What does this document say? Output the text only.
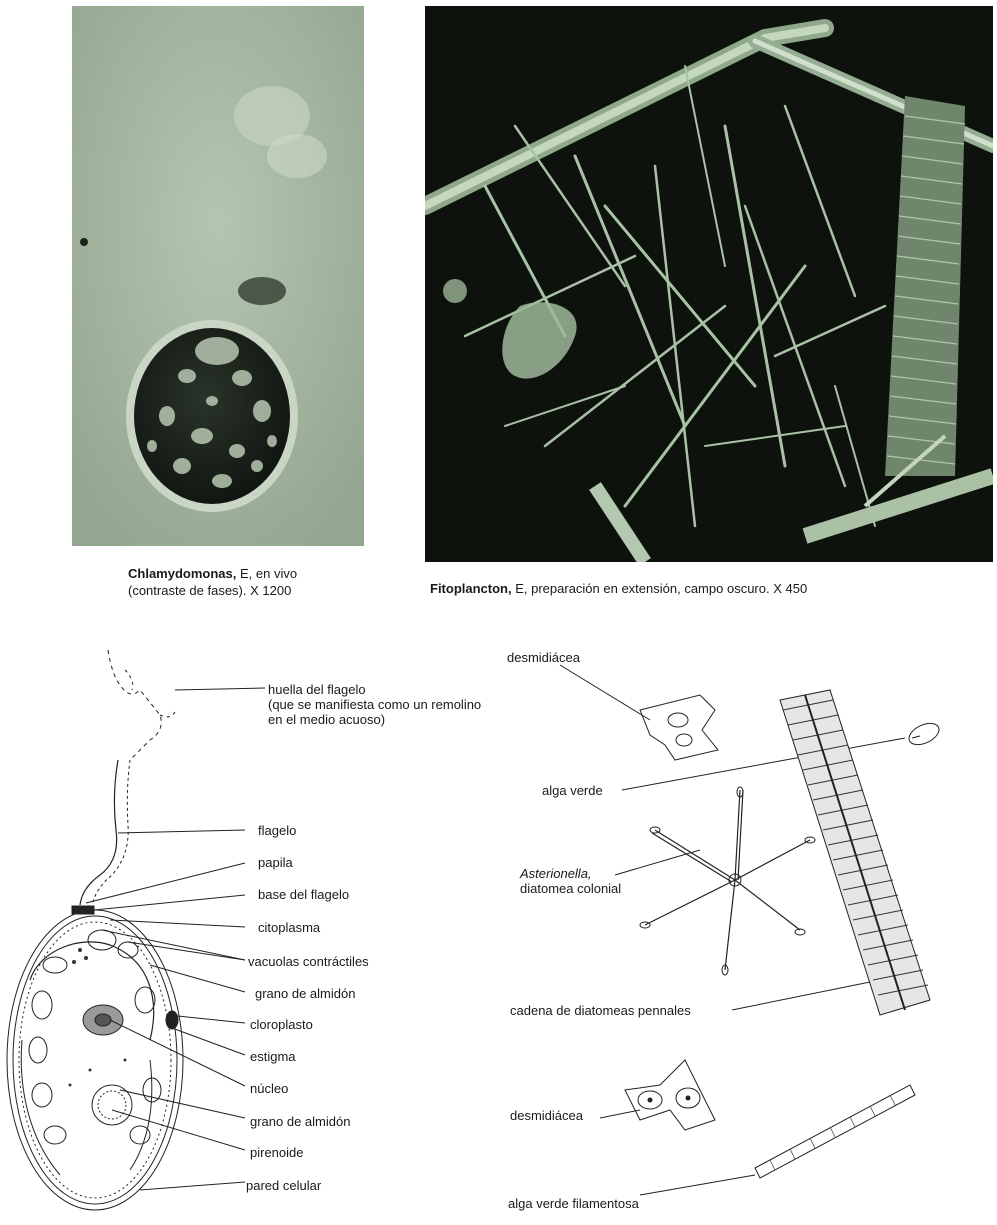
Chlamydomonas, E, en vivo
(contraste de fases). X 1200	Fitoplancton, E, preparación en extensión, campo oscuro. X 450
huella del flagelo
(que se manifiesta como un remolino
en el medio acuoso)
flagelo
papila
base del flagelo
citoplasma
vacuolas contráctiles
grano de almidón
cloroplasto
estigma
núcleo
grano de almidón
pirenoide
pared celular
desmidiácea
alga verde
Asterionella,
diatomea colonial
cadena de diatomeas pennales
desmidiácea
alga verde filamentosa
